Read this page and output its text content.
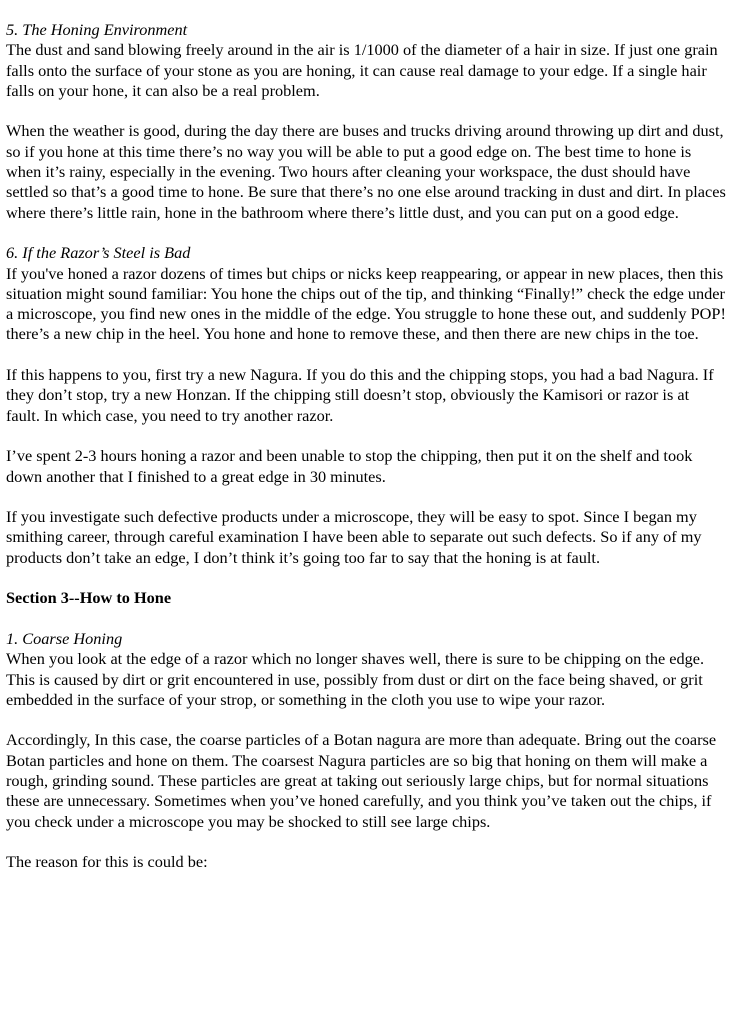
5. The Honing Environment

The dust and sand blowing freely around in the air is 1/1000 of the diameter of a hair in size. If just one grain falls onto the surface of your stone as you are honing, it can cause real damage to your edge. If a single hair falls on your hone, it can also be a real problem.

When the weather is good, during the day there are buses and trucks driving around throwing up dirt and dust, so if you hone at this time there’s no way you will be able to put a good edge on. The best time to hone is when it’s rainy, especially in the evening. Two hours after cleaning your workspace, the dust should have settled so that’s a good time to hone. Be sure that there’s no one else around tracking in dust and dirt. In places where there’s little rain, hone in the bathroom where there’s little dust, and you can put on a good edge.

6. If the Razor’s Steel is Bad

If you've honed a razor dozens of times but chips or nicks keep reappearing, or appear in new places, then this situation might sound familiar: You hone the chips out of the tip, and thinking “Finally!” check the edge under a microscope, you find new ones in the middle of the edge. You struggle to hone these out, and suddenly POP! there’s a new chip in the heel. You hone and hone to remove these, and then there are new chips in the toe.

If this happens to you, first try a new Nagura. If you do this and the chipping stops, you had a bad Nagura. If they don’t stop, try a new Honzan. If the chipping still doesn’t stop, obviously the Kamisori or razor is at fault. In which case, you need to try another razor.

I’ve spent 2-3 hours honing a razor and been unable to stop the chipping, then put it on the shelf and took down another that I finished to a great edge in 30 minutes.

If you investigate such defective products under a microscope, they will be easy to spot. Since I began my smithing career, through careful examination I have been able to separate out such defects. So if any of my products don’t take an edge, I don’t think it’s going too far to say that the honing is at fault.

Section 3--How to Hone

1. Coarse Honing

When you look at the edge of a razor which no longer shaves well, there is sure to be chipping on the edge. This is caused by dirt or grit encountered in use, possibly from dust or dirt on the face being shaved, or grit embedded in the surface of your strop, or something in the cloth you use to wipe your razor.

Accordingly, In this case, the coarse particles of a Botan nagura are more than adequate. Bring out the coarse Botan particles and hone on them. The coarsest Nagura particles are so big that honing on them will make a rough, grinding sound. These particles are great at taking out seriously large chips, but for normal situations these are unnecessary. Sometimes when you’ve honed carefully, and you think you’ve taken out the chips, if you check under a microscope you may be shocked to still see large chips.

The reason for this is could be:
